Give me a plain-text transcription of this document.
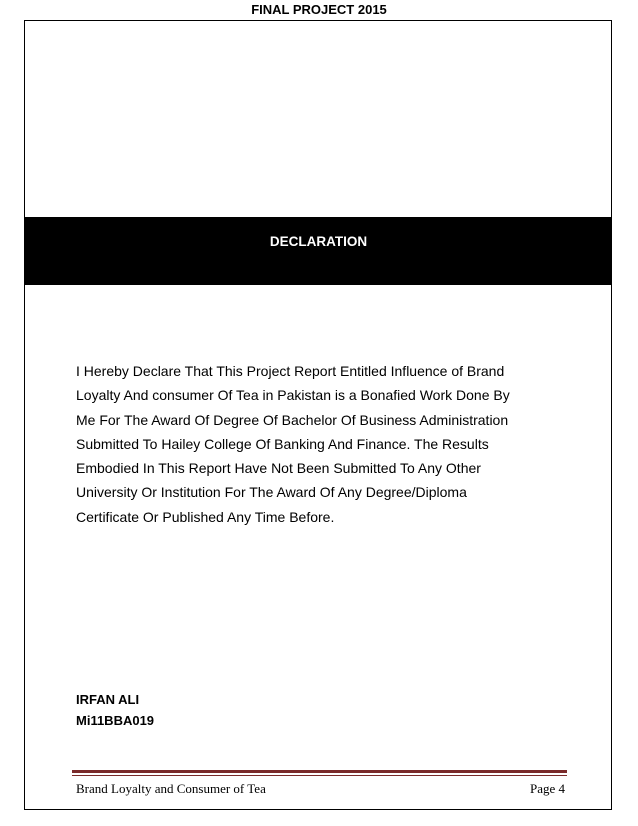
FINAL PROJECT 2015
DECLARATION
I Hereby Declare That This Project Report Entitled Influence of Brand
Loyalty And consumer Of Tea in Pakistan is a Bonafied Work Done By
Me For The Award Of Degree Of Bachelor Of Business Administration
Submitted To Hailey College Of Banking And Finance. The Results
Embodied In This Report Have Not Been Submitted To Any Other
University Or Institution For The Award Of Any Degree/Diploma
Certificate Or Published Any Time Before.
IRFAN ALI
Mi11BBA019
Brand Loyalty and Consumer of Tea	Page 4
